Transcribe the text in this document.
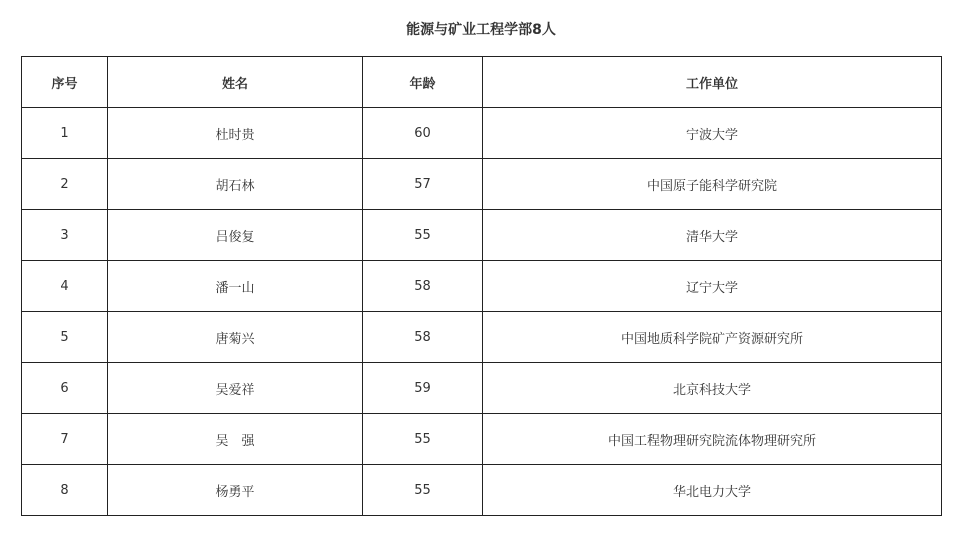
能源与矿业工程学部8人
序号	姓名	年龄	工作单位
1	杜时贵	60	宁波大学
2	胡石林	57	中国原子能科学研究院
3	吕俊复	55	清华大学
4	潘一山	58	辽宁大学
5	唐菊兴	58	中国地质科学院矿产资源研究所
6	吴爱祥	59	北京科技大学
7	吴　强	55	中国工程物理研究院流体物理研究所
8	杨勇平	55	华北电力大学
